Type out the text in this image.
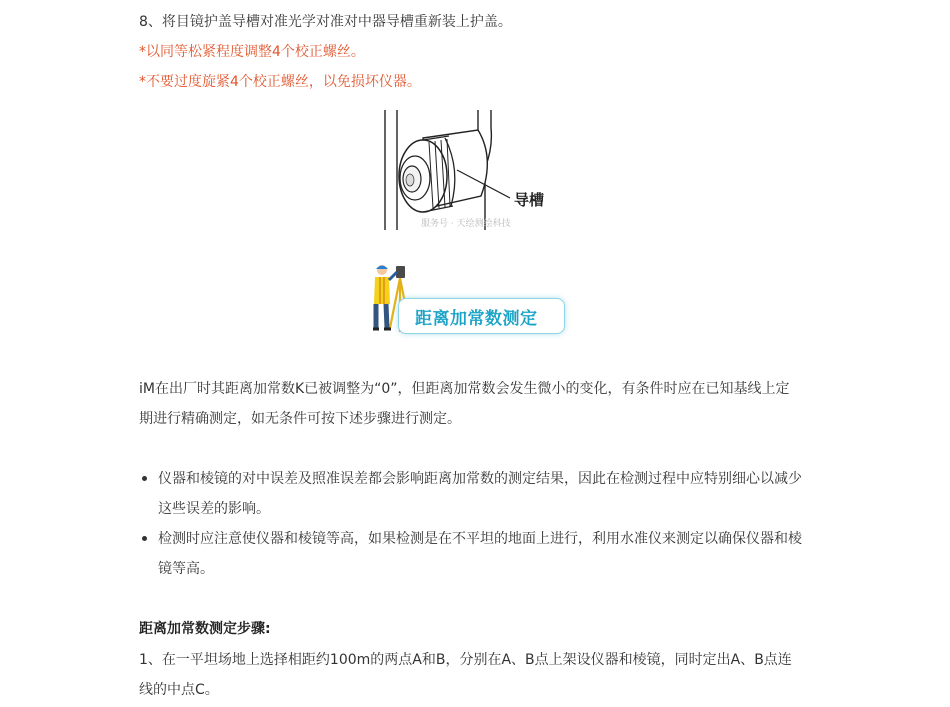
8、将目镜护盖导槽对准光学对准对中器导槽重新装上护盖。

*以同等松紧程度调整4个校正螺丝。

*不要过度旋紧4个校正螺丝，以免损坏仪器。

导槽
服务号 · 天绘测绘科技
距离加常数测定

iM在出厂时其距离加常数K已被调整为“0”，但距离加常数会发生微小的变化，有条件时应在已知基线上定期进行精确测定，如无条件可按下述步骤进行测定。

仪器和棱镜的对中误差及照准误差都会影响距离加常数的测定结果，因此在检测过程中应特别细心以减少这些误差的影响。

检测时应注意使仪器和棱镜等高，如果检测是在不平坦的地面上进行，利用水准仪来测定以确保仪器和棱镜等高。

距离加常数测定步骤:

1、在一平坦场地上选择相距约100m的两点A和B，分别在A、B点上架设仪器和棱镜，同时定出A、B点连线的中点C。
